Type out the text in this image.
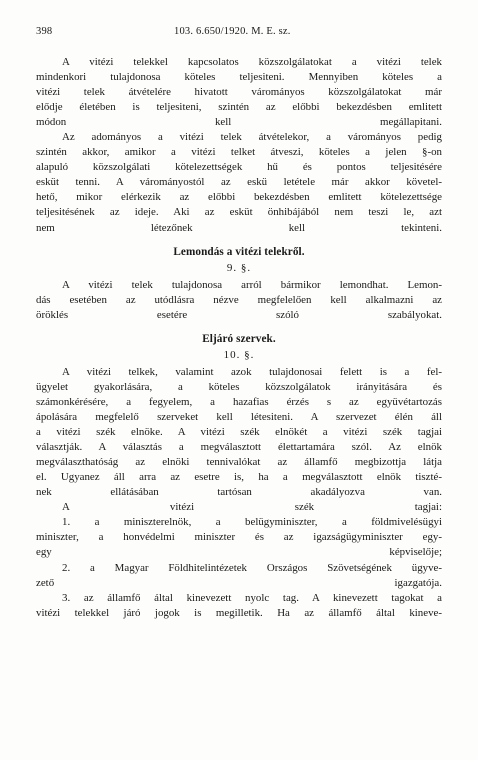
398	103. 6.650/1920. M. E. sz.
A vitézi telekkel kapcsolatos közszolgálatokat a vitézi telek
mindenkori tulajdonosa köteles teljesiteni. Mennyiben köteles a
vitézi telek átvételére hivatott várományos közszolgálatokat már
elődje életében is teljesiteni, szintén az előbbi bekezdésben emlitett
módon kell megállapitani.
Az adományos a vitézi telek átvételekor, a várományos pedig
szintén akkor, amikor a vitézi telket átveszi, köteles a jelen §-on
alapuló közszolgálati kötelezettségek hű és pontos teljesitésére
esküt tenni. A várományostól az eskü letétele már akkor követel-
hető, mikor elérkezik az előbbi bekezdésben emlitett kötelezettsége
teljesitésének az ideje. Aki az esküt önhibájából nem teszi le, azt
nem létezőnek kell tekinteni.
Lemondás a vitézi telekről.
9. §.
A vitézi telek tulajdonosa arról bármikor lemondhat. Lemon-
dás esetében az utódlásra nézve megfelelően kell alkalmazni az
öröklés esetére szóló szabályokat.
Eljáró szervek.
10. §.
A vitézi telkek, valamint azok tulajdonosai felett is a fel-
ügyelet gyakorlására, a köteles közszolgálatok irányitására és
számonkérésére, a fegyelem, a hazafias érzés s az együvétartozás
ápolására megfelelő szerveket kell létesiteni. A szervezet élén áll
a vitézi szék elnöke. A vitézi szék elnökét a vitézi szék tagjai
választják. A választás a megválasztott élettartamára szól. Az elnök
megválaszthatóság az elnöki tennivalókat az államfő megbizottja látja
el. Ugyanez áll arra az esetre is, ha a megválasztott elnök tiszté-
nek ellátásában tartósan akadályozva van.
A vitézi szék tagjai:
1. a miniszterelnök, a belügyminiszter, a földmivelésügyi
miniszter, a honvédelmi miniszter és az igazságügyminiszter egy-
egy képviselője;
2. a Magyar Földhitelintézetek Országos Szövetségének ügyve-
zető igazgatója.
3. az államfő által kinevezett nyolc tag. A kinevezett tagokat a
vitézi telekkel járó jogok is megilletik. Ha az államfő által kineve-
